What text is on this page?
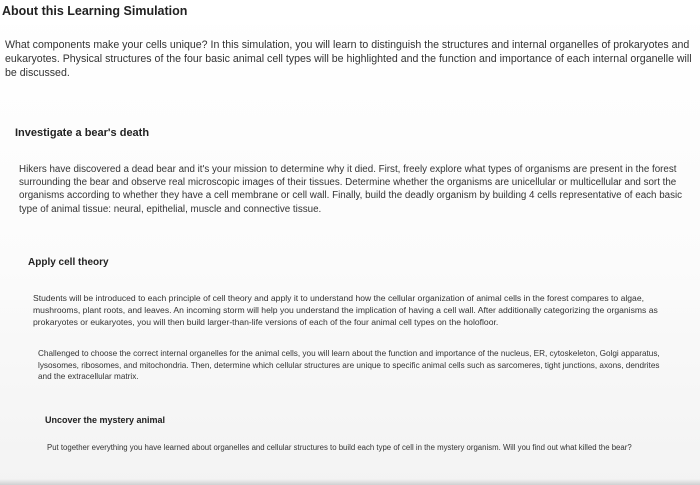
About this Learning Simulation

What components make your cells unique? In this simulation, you will learn to distinguish the structures and internal organelles of prokaryotes and eukaryotes. Physical structures of the four basic animal cell types will be highlighted and the function and importance of each internal organelle will be discussed.

Investigate a bear's death

Hikers have discovered a dead bear and it's your mission to determine why it died. First, freely explore what types of organisms are present in the forest surrounding the bear and observe real microscopic images of their tissues. Determine whether the organisms are unicellular or multicellular and sort the organisms according to whether they have a cell membrane or cell wall. Finally, build the deadly organism by building 4 cells representative of each basic type of animal tissue: neural, epithelial, muscle and connective tissue.

Apply cell theory

Students will be introduced to each principle of cell theory and apply it to understand how the cellular organization of animal cells in the forest compares to algae, mushrooms, plant roots, and leaves. An incoming storm will help you understand the implication of having a cell wall. After additionally categorizing the organisms as prokaryotes or eukaryotes, you will then build larger-than-life versions of each of the four animal cell types on the holofloor.

Challenged to choose the correct internal organelles for the animal cells, you will learn about the function and importance of the nucleus, ER, cytoskeleton, Golgi apparatus, lysosomes, ribosomes, and mitochondria. Then, determine which cellular structures are unique to specific animal cells such as sarcomeres, tight junctions, axons, dendrites and the extracellular matrix.

Uncover the mystery animal

Put together everything you have learned about organelles and cellular structures to build each type of cell in the mystery organism. Will you find out what killed the bear?
